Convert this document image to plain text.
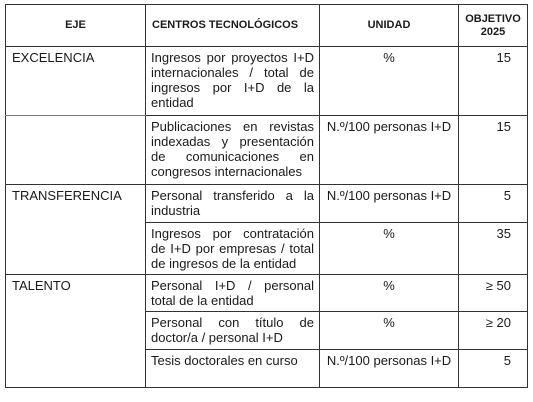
EJE	CENTROS TECNOLÓGICOS	UNIDAD	OBJETIVO
2025

EXCELENCIA	Ingresos por proyectos I+D internacionales / total de ingresos por I+D de la entidad	%	15
	Publicaciones en revistas indexadas y presentación de comunicaciones en congresos internacionales	N.º/100 personas I+D	15
TRANSFERENCIA	Personal transferido a la industria	N.º/100 personas I+D	5
	Ingresos por contratación de I+D por empresas / total de ingresos de la entidad	%	35
TALENTO	Personal I+D / personal total de la entidad	%	≥ 50
	Personal con título de doctor/a / personal I+D	%	≥ 20
	Tesis doctorales en curso	N.º/100 personas I+D	5
